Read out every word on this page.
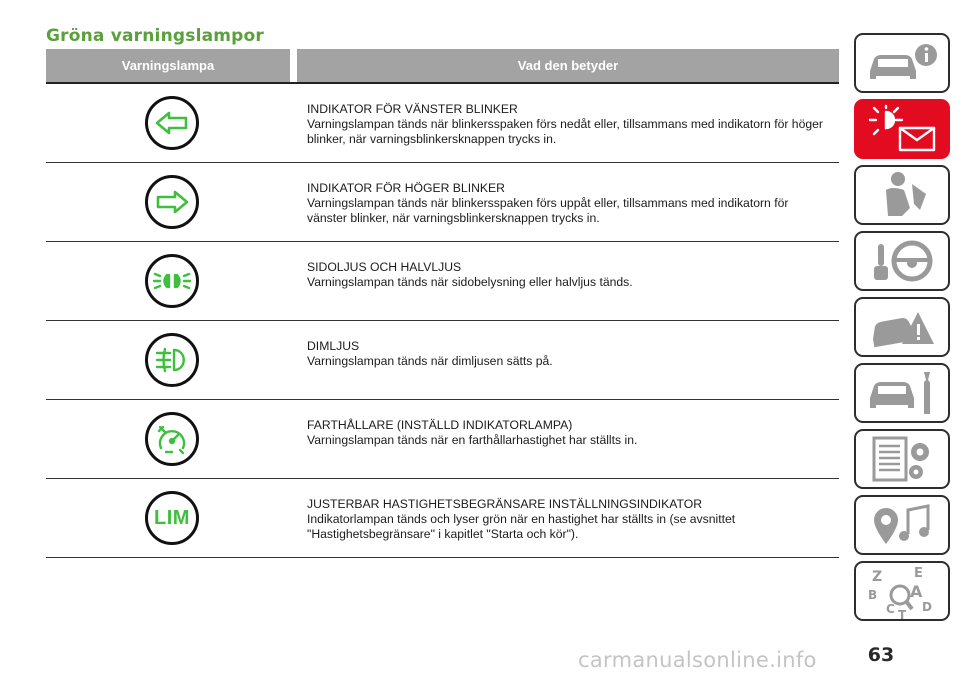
Gröna varningslampor
Varningslampa	Vad den betyder
INDIKATOR FÖR VÄNSTER BLINKER
Varningslampan tänds när blinkersspaken förs nedåt eller, tillsammans med indikatorn för höger blinker, när varningsblinkersknappen trycks in.
INDIKATOR FÖR HÖGER BLINKER
Varningslampan tänds när blinkersspaken förs uppåt eller, tillsammans med indikatorn för vänster blinker, när varningsblinkersknappen trycks in.
SIDOLJUS OCH HALVLJUS
Varningslampan tänds när sidobelysning eller halvljus tänds.
DIMLJUS
Varningslampan tänds när dimljusen sätts på.
FARTHÅLLARE (INSTÄLLD INDIKATORLAMPA)
Varningslampan tänds när en farthållarhastighet har ställts in.
LIM
JUSTERBAR HASTIGHETSBEGRÄNSARE INSTÄLLNINGSINDIKATOR
Indikatorlampan tänds och lyser grön när en hastighet har ställts in (se avsnittet "Hastighetsbegränsare" i kapitlet "Starta och kör").
Z E
B A
D
C T
63
carmanualsonline.info
